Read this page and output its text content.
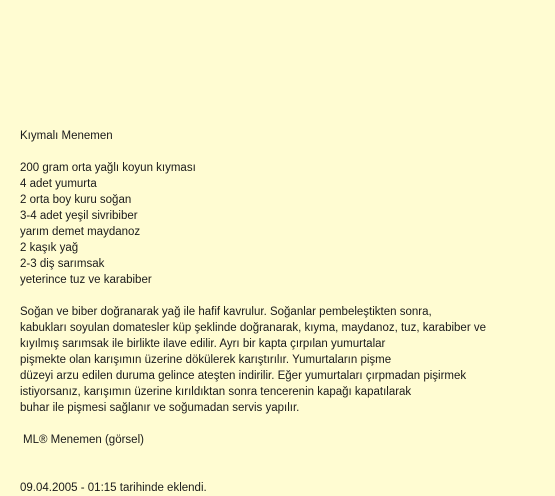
Kıymalı Menemen
200 gram orta yağlı koyun kıyması
4 adet yumurta
2 orta boy kuru soğan
3-4 adet yeşil sivribiber
yarım demet maydanoz
2 kaşık yağ
2-3 diş sarımsak
yeterince tuz ve karabiber
Soğan ve biber doğranarak yağ ile hafif kavrulur. Soğanlar pembeleştikten sonra,
kabukları soyulan domatesler küp şeklinde doğranarak, kıyma, maydanoz, tuz, karabiber ve
kıyılmış sarımsak ile birlikte ilave edilir. Ayrı bir kapta çırpılan yumurtalar
pişmekte olan karışımın üzerine dökülerek karıştırılır. Yumurtaların pişme
düzeyi arzu edilen duruma gelince ateşten indirilir. Eğer yumurtaları çırpmadan pişirmek
istiyorsanız, karışımın üzerine kırıldıktan sonra tencerenin kapağı kapatılarak
buhar ile pişmesi sağlanır ve soğumadan servis yapılır.
ML® Menemen (görsel)
09.04.2005 - 01:15 tarihinde eklendi.
